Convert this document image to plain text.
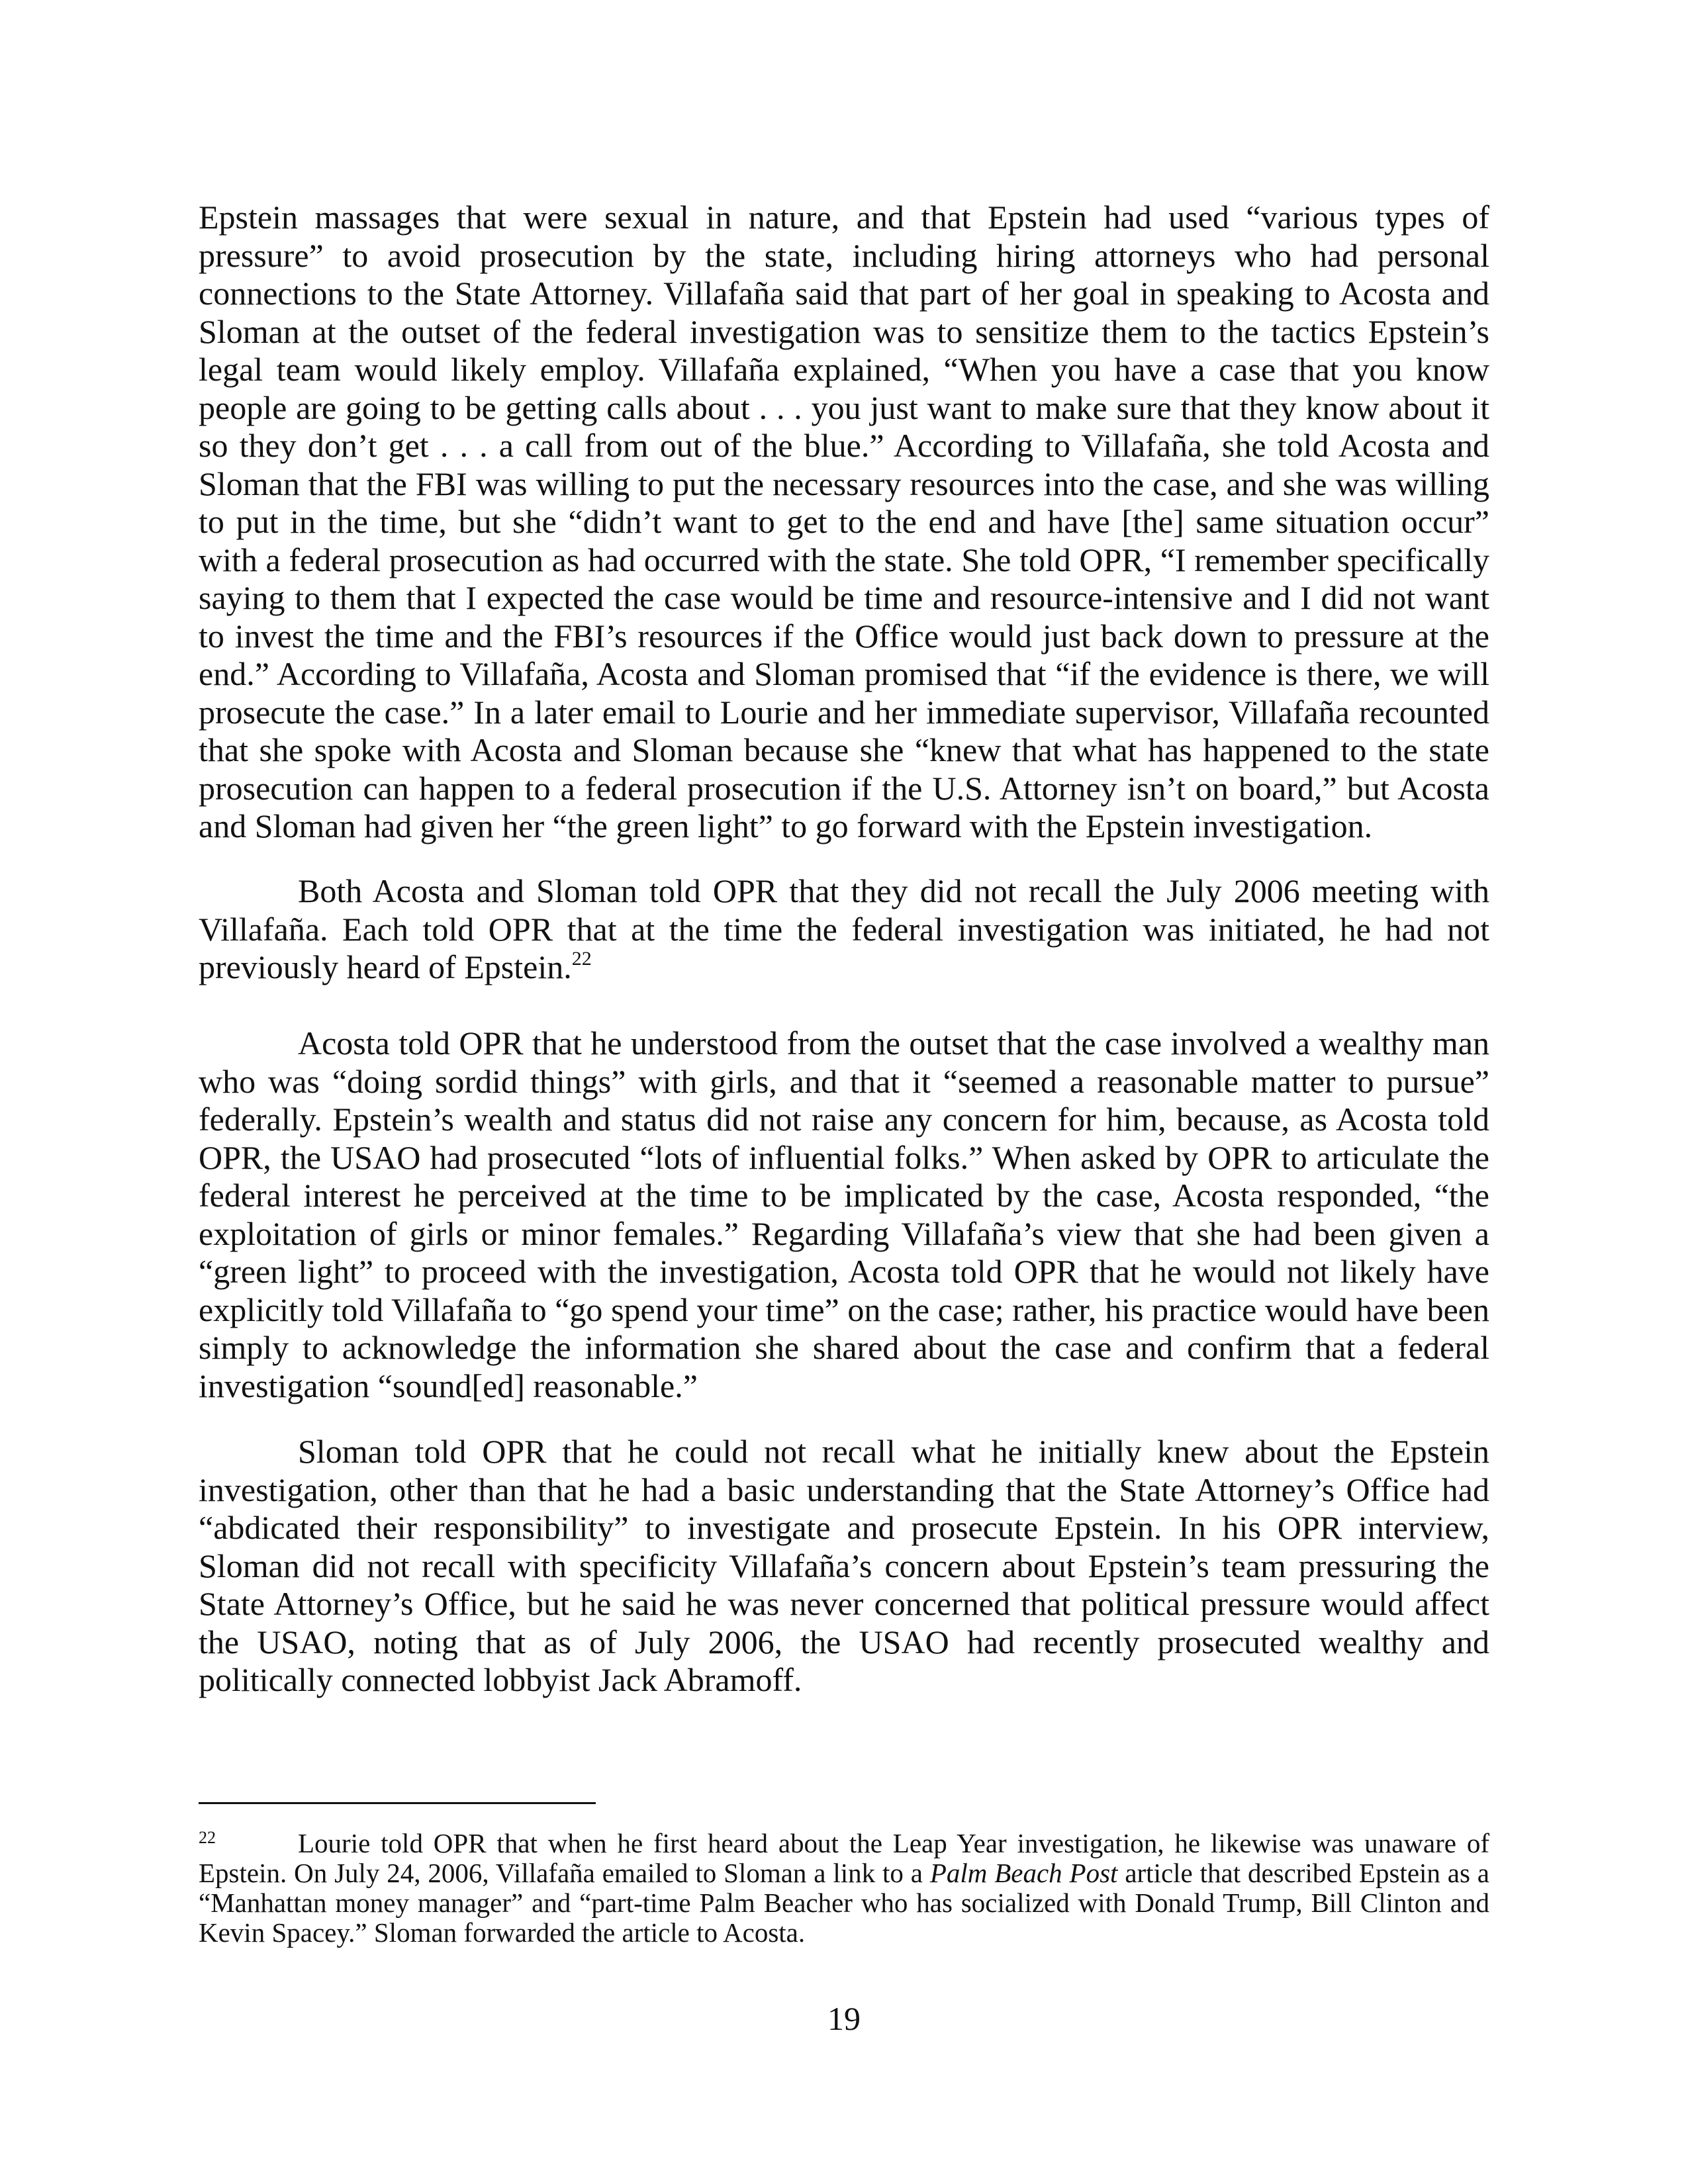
Epstein massages that were sexual in nature, and that Epstein had used “various types of pressure” to avoid prosecution by the state, including hiring attorneys who had personal connections to the State Attorney. Villafaña said that part of her goal in speaking to Acosta and Sloman at the outset of the federal investigation was to sensitize them to the tactics Epstein’s legal team would likely employ. Villafaña explained, “When you have a case that you know people are going to be getting calls about . . . you just want to make sure that they know about it so they don’t get . . . a call from out of the blue.” According to Villafaña, she told Acosta and Sloman that the FBI was willing to put the necessary resources into the case, and she was willing to put in the time, but she “didn’t want to get to the end and have [the] same situation occur” with a federal prosecution as had occurred with the state. She told OPR, “I remember specifically saying to them that I expected the case would be time and resource-intensive and I did not want to invest the time and the FBI’s resources if the Office would just back down to pressure at the end.” According to Villafaña, Acosta and Sloman promised that “if the evidence is there, we will prosecute the case.” In a later email to Lourie and her immediate supervisor, Villafaña recounted that she spoke with Acosta and Sloman because she “knew that what has happened to the state prosecution can happen to a federal prosecution if the U.S. Attorney isn’t on board,” but Acosta and Sloman had given her “the green light” to go forward with the Epstein investigation.

Both Acosta and Sloman told OPR that they did not recall the July 2006 meeting with Villafaña. Each told OPR that at the time the federal investigation was initiated, he had not previously heard of Epstein.$^{22}$

Acosta told OPR that he understood from the outset that the case involved a wealthy man who was “doing sordid things” with girls, and that it “seemed a reasonable matter to pursue” federally. Epstein’s wealth and status did not raise any concern for him, because, as Acosta told OPR, the USAO had prosecuted “lots of influential folks.” When asked by OPR to articulate the federal interest he perceived at the time to be implicated by the case, Acosta responded, “the exploitation of girls or minor females.” Regarding Villafaña’s view that she had been given a “green light” to proceed with the investigation, Acosta told OPR that he would not likely have explicitly told Villafaña to “go spend your time” on the case; rather, his practice would have been simply to acknowledge the information she shared about the case and confirm that a federal investigation “sound[ed] reasonable.”

Sloman told OPR that he could not recall what he initially knew about the Epstein investigation, other than that he had a basic understanding that the State Attorney’s Office had “abdicated their responsibility” to investigate and prosecute Epstein. In his OPR interview, Sloman did not recall with specificity Villafaña’s concern about Epstein’s team pressuring the State Attorney’s Office, but he said he was never concerned that political pressure would affect the USAO, noting that as of July 2006, the USAO had recently prosecuted wealthy and politically connected lobbyist Jack Abramoff.

22	Lourie told OPR that when he first heard about the Leap Year investigation, he likewise was unaware of Epstein. On July 24, 2006, Villafaña emailed to Sloman a link to a Palm Beach Post article that described Epstein as a “Manhattan money manager” and “part-time Palm Beacher who has socialized with Donald Trump, Bill Clinton and Kevin Spacey.” Sloman forwarded the article to Acosta.

19
